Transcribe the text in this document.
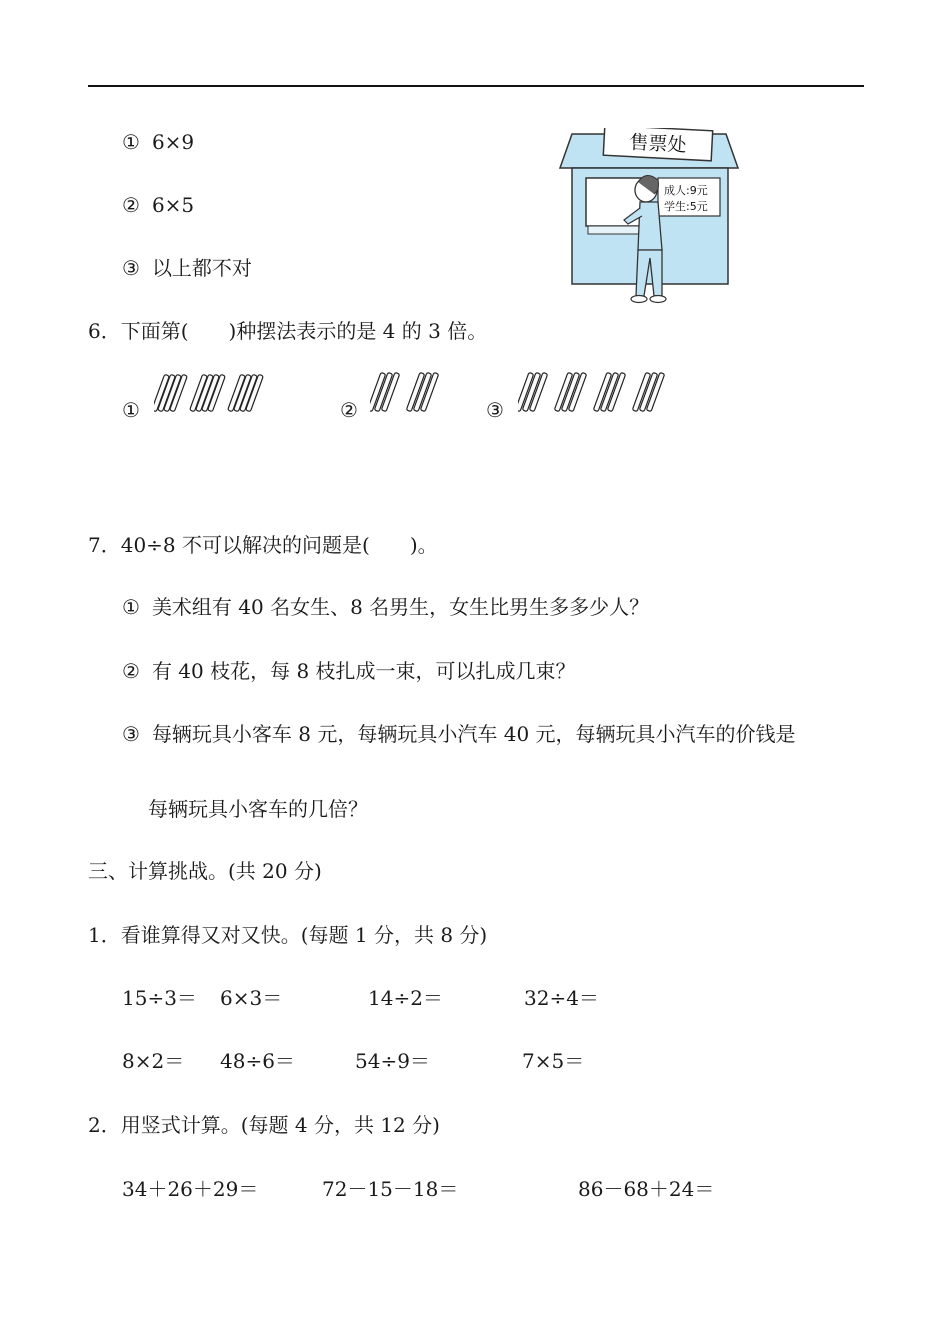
① 6×9
② 6×5
③ 以上都不对
售票处
成人:9元
学生:5元
6．下面第(　　)种摆法表示的是 4 的 3 倍。
①	②	③
7．40÷8 不可以解决的问题是(　　)。
① 美术组有 40 名女生、8 名男生，女生比男生多多少人？
② 有 40 枝花，每 8 枝扎成一束，可以扎成几束？
③ 每辆玩具小客车 8 元，每辆玩具小汽车 40 元，每辆玩具小汽车的价钱是
每辆玩具小客车的几倍？
三、计算挑战。(共 20 分)
1．看谁算得又对又快。(每题 1 分，共 8 分)
15÷3＝ 6×3＝	14÷2＝	32÷4＝
8×2＝ 48÷6＝	54÷9＝	7×5＝
2．用竖式计算。(每题 4 分，共 12 分)
34＋26＋29＝	72－15－18＝	86－68＋24＝
